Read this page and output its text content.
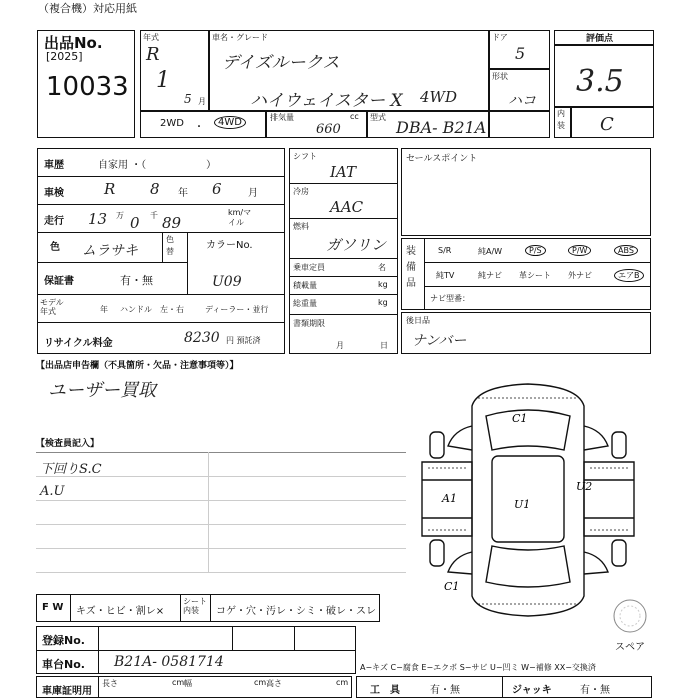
（複合機）対応用紙
出品No.
[2025]
10033
年式
R
1
5 月
車名・グレード
デイズルークス
ハイウェイスター X 4WD
ドア
5
形状
ハコ
2WD ・	4WD	排気量	cc
660
型式
DBA- B21A
評価点
3.5
内装 C
車歴	自家用 ・（　　　　　　）
車検	R 8 年 6	月
走行 13 万 0 千 89
km/マイル
色 ムラサキ
色替
カラーNo.
U09
保証書	有・無
モデル年式	年 ハンドル　左・右	ディーラー・並行
リサイクル料金	8230 円 預託済
シフト
IAT
冷房
AAC
燃料
ガソリン
乗車定員	名
積載量	kg
総重量	kg
書類期限
月	日
セールスポイント
装備品
S/R	純A/W	P/S	P/W	ABS
純TV	純ナビ 革シート 外ナビ	エアB
ナビ型番：
後日品
ナンバー
【出品店申告欄（不具箇所・欠品・注意事項等）】
ユーザー買取
【検査員記入】
下回りS.C
A.U
C1
A1	U1
U2
C1
スペア
F W キズ・ヒビ・割レ×
シート内装	コゲ・穴・汚レ・シミ・破レ・スレ
登録No.
車台No. B21A- 0581714	A−キズ C−腐食 E−エクボ S−サビ U−凹ミ W−補修 XX−交換済
車庫証明用
長さ	cm 幅	cm 高さ	cm
工　具	有・無	ジャッキ	有・無
